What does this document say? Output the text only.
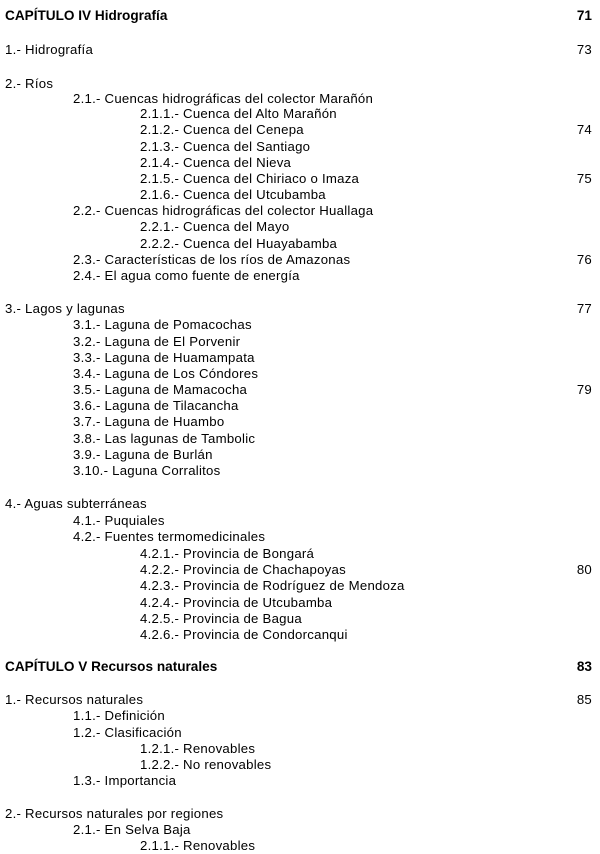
CAPÍTULO IV Hidrografía	71
1.- Hidrografía	73
2.- Ríos
2.1.- Cuencas hidrográficas del colector Marañón
2.1.1.- Cuenca del Alto Marañón
2.1.2.- Cuenca del Cenepa	74
2.1.3.- Cuenca del Santiago
2.1.4.- Cuenca del Nieva
2.1.5.- Cuenca del Chiriaco o Imaza	75
2.1.6.- Cuenca del Utcubamba
2.2.- Cuencas hidrográficas del colector Huallaga
2.2.1.- Cuenca del Mayo
2.2.2.- Cuenca del Huayabamba
2.3.- Características de los ríos de Amazonas	76
2.4.- El agua como fuente de energía
3.- Lagos y lagunas	77
3.1.- Laguna de Pomacochas
3.2.- Laguna de El Porvenir
3.3.- Laguna de Huamampata
3.4.- Laguna de Los Cóndores
3.5.- Laguna de Mamacocha	79
3.6.- Laguna de Tilacancha
3.7.- Laguna de Huambo
3.8.- Las lagunas de Tambolic
3.9.- Laguna de Burlán
3.10.- Laguna Corralitos
4.- Aguas subterráneas
4.1.- Puquiales
4.2.- Fuentes termomedicinales
4.2.1.- Provincia de Bongará
4.2.2.- Provincia de Chachapoyas	80
4.2.3.- Provincia de Rodríguez de Mendoza
4.2.4.- Provincia de Utcubamba
4.2.5.- Provincia de Bagua
4.2.6.- Provincia de Condorcanqui
CAPÍTULO V Recursos naturales	83
1.- Recursos naturales	85
1.1.- Definición
1.2.- Clasificación
1.2.1.- Renovables
1.2.2.- No renovables
1.3.- Importancia
2.- Recursos naturales por regiones
2.1.- En Selva Baja
2.1.1.- Renovables
